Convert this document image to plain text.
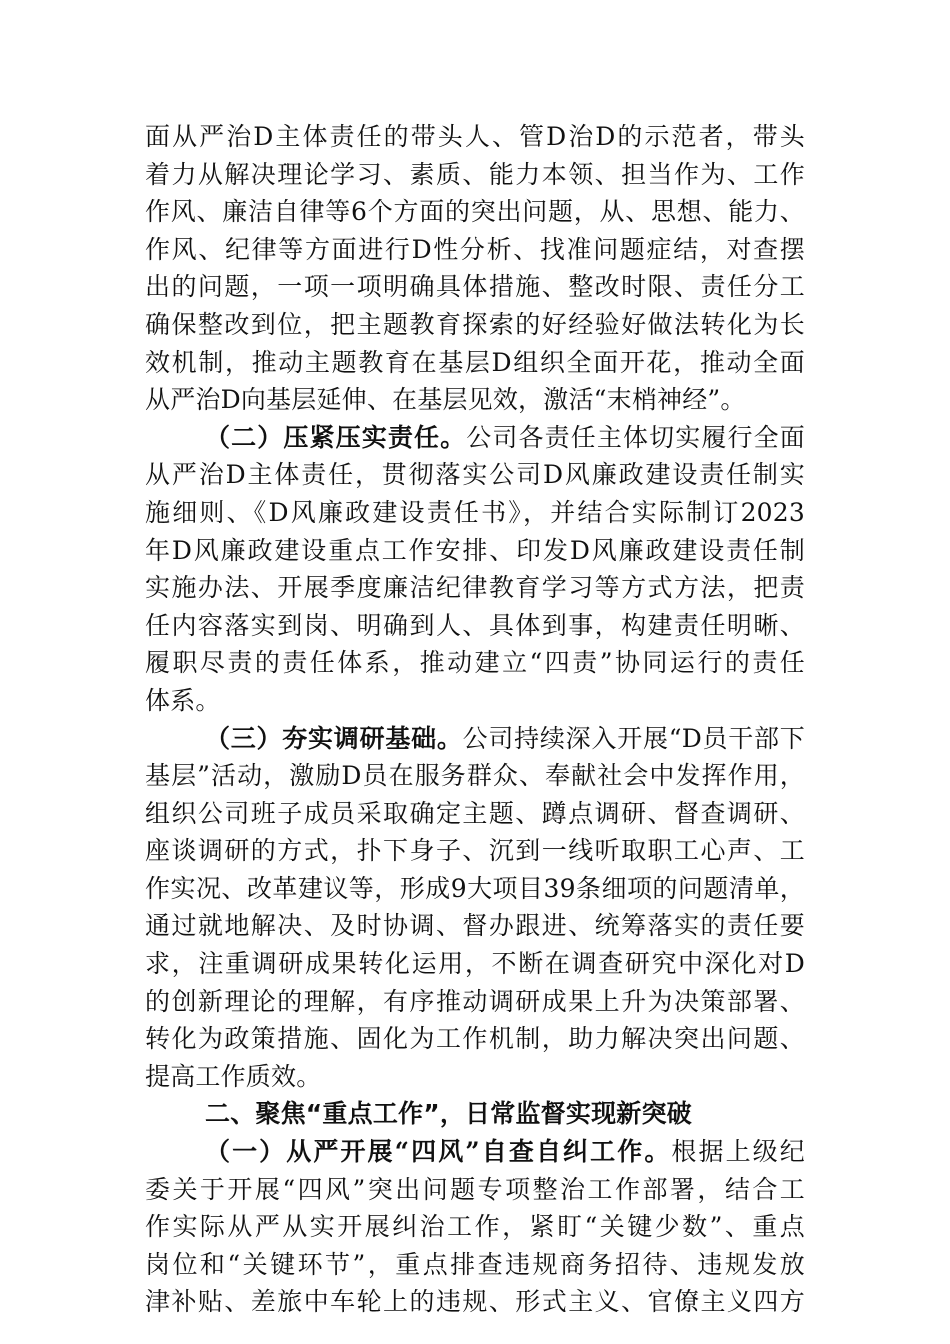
面从严治D主体责任的带头人、管D治D的示范者，带头
着力从解决理论学习、素质、能力本领、担当作为、工作
作风、廉洁自律等6个方面的突出问题，从、思想、能力、
作风、纪律等方面进行D性分析、找准问题症结，对查摆
出的问题，一项一项明确具体措施、整改时限、责任分工
确保整改到位，把主题教育探索的好经验好做法转化为长
效机制，推动主题教育在基层D组织全面开花，推动全面
从严治D向基层延伸、在基层见效，激活“末梢神经”。
（二）压紧压实责任。公司各责任主体切实履行全面
从严治D主体责任，贯彻落实公司D风廉政建设责任制实
施细则、《D风廉政建设责任书》，并结合实际制订2023
年D风廉政建设重点工作安排、印发D风廉政建设责任制
实施办法、开展季度廉洁纪律教育学习等方式方法，把责
任内容落实到岗、明确到人、具体到事，构建责任明晰、
履职尽责的责任体系，推动建立“四责”协同运行的责任
体系。
（三）夯实调研基础。公司持续深入开展“D员干部下
基层”活动，激励D员在服务群众、奉献社会中发挥作用，
组织公司班子成员采取确定主题、蹲点调研、督查调研、
座谈调研的方式，扑下身子、沉到一线听取职工心声、工
作实况、改革建议等，形成9大项目39条细项的问题清单，
通过就地解决、及时协调、督办跟进、统筹落实的责任要
求，注重调研成果转化运用，不断在调查研究中深化对D
的创新理论的理解，有序推动调研成果上升为决策部署、
转化为政策措施、固化为工作机制，助力解决突出问题、
提高工作质效。
二、聚焦“重点工作”，日常监督实现新突破
（一）从严开展“四风”自查自纠工作。根据上级纪
委关于开展“四风”突出问题专项整治工作部署，结合工
作实际从严从实开展纠治工作，紧盯“关键少数”、重点
岗位和“关键环节”，重点排查违规商务招待、违规发放
津补贴、差旅中车轮上的违规、形式主义、官僚主义四方
